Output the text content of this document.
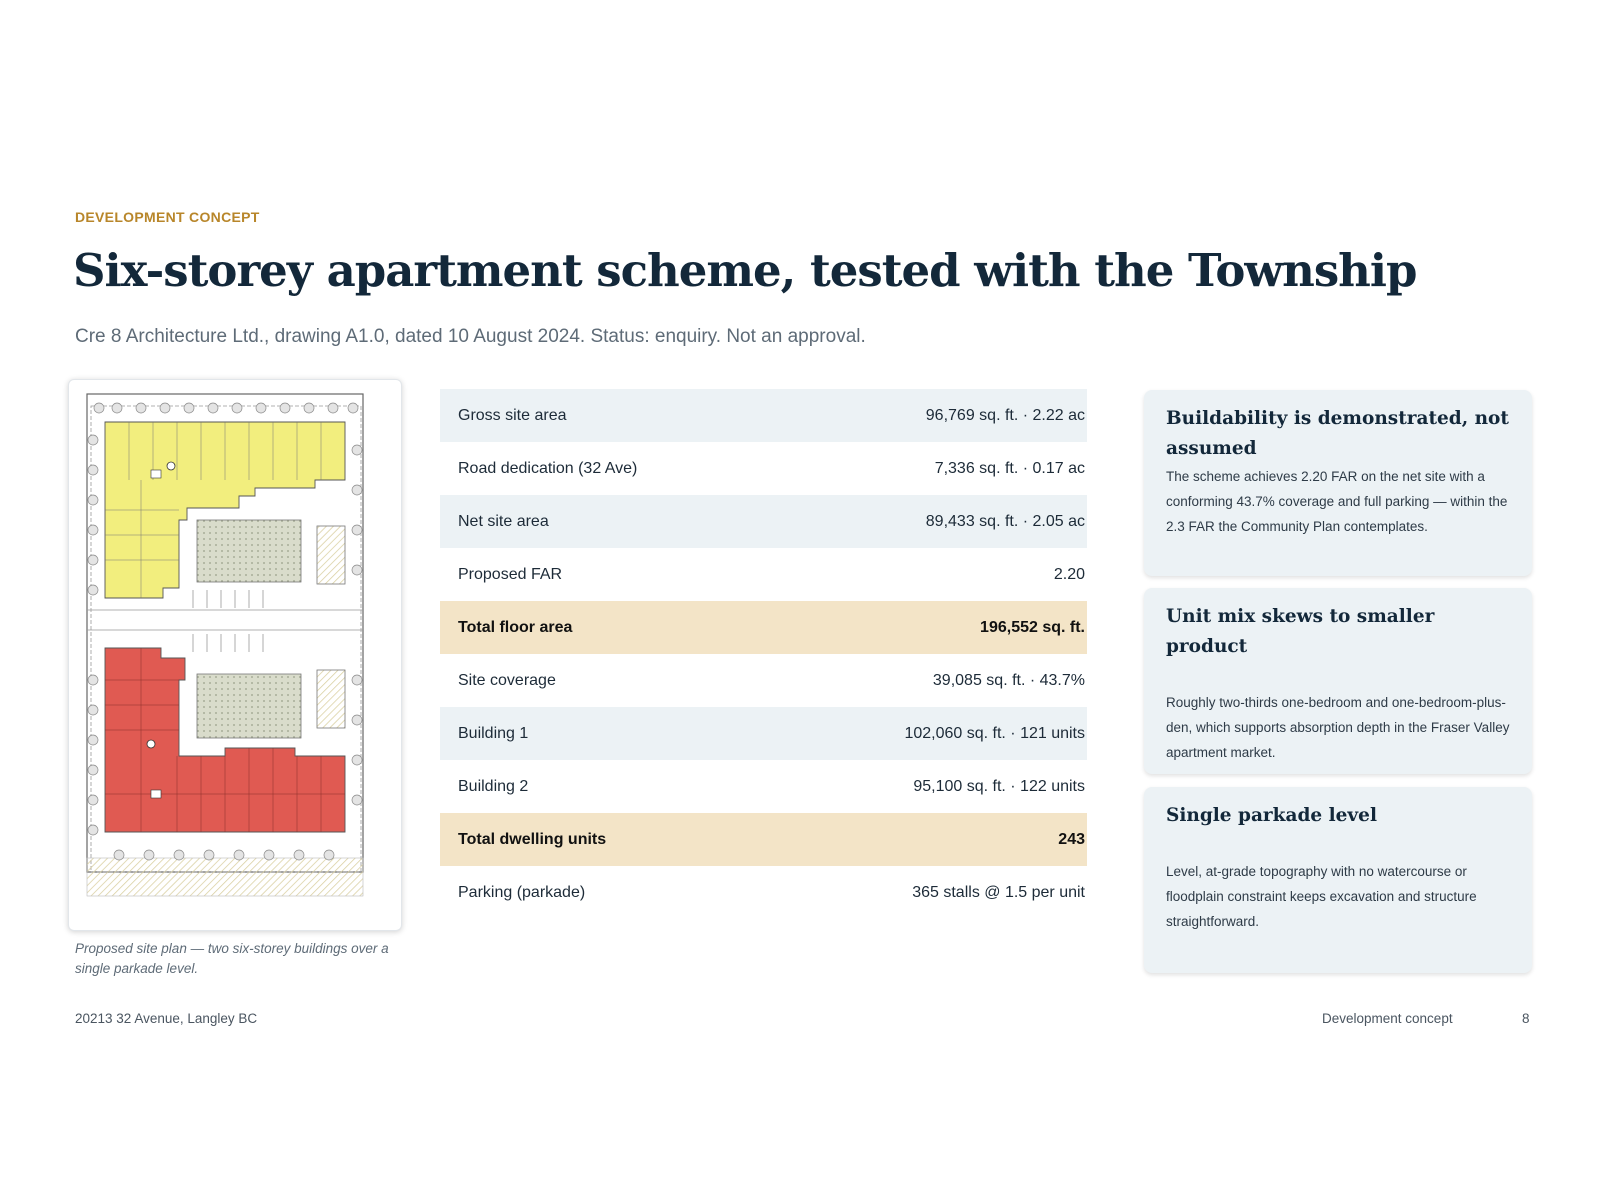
DEVELOPMENT CONCEPT
Six-storey apartment scheme, tested with the Township
Cre 8 Architecture Ltd., drawing A1.0, dated 10 August 2024. Status: enquiry. Not an approval.
Proposed site plan — two six-storey buildings over a single parkade level.
Gross site area	96,769 sq. ft. · 2.22 ac
Road dedication (32 Ave)	7,336 sq. ft. · 0.17 ac
Net site area	89,433 sq. ft. · 2.05 ac
Proposed FAR	2.20
Total floor area	196,552 sq. ft.
Site coverage	39,085 sq. ft. · 43.7%
Building 1	102,060 sq. ft. · 121 units
Building 2	95,100 sq. ft. · 122 units
Total dwelling units	243
Parking (parkade)	365 stalls @ 1.5 per unit
Buildability is demonstrated, not assumed

The scheme achieves 2.20 FAR on the net site with a conforming 43.7% coverage and full parking — within the 2.3 FAR the Community Plan contemplates.

Unit mix skews to smaller product

Roughly two-thirds one-bedroom and one-bedroom-plus-den, which supports absorption depth in the Fraser Valley apartment market.

Single parkade level

Level, at-grade topography with no watercourse or floodplain constraint keeps excavation and structure straightforward.

20213 32 Avenue, Langley BC	Development concept	8
